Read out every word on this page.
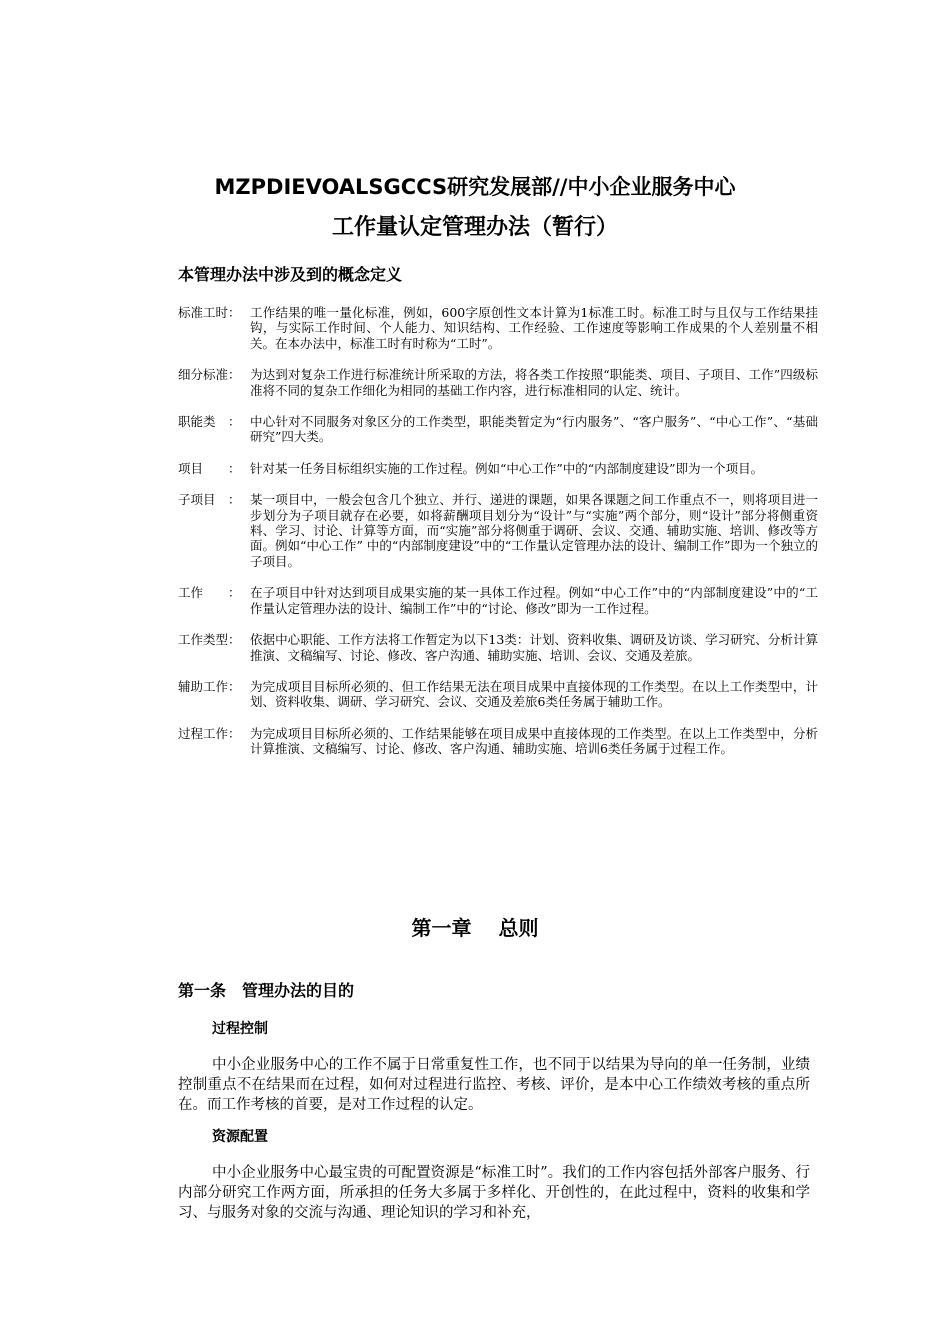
MZPDIEVOALSGCCS研究发展部//中小企业服务中心
工作量认定管理办法（暂行）
本管理办法中涉及到的概念定义
标准工时： 工作结果的唯一量化标准，例如，600字原创性文本计算为1标准工时。标准工时与且仅与工作结果挂钩，与实际工作时间、个人能力、知识结构、工作经验、工作速度等影响工作成果的个人差别量不相关。在本办法中，标准工时有时称为“工时”。
细分标准： 为达到对复杂工作进行标准统计所采取的方法，将各类工作按照“职能类、项目、子项目、工作”四级标准将不同的复杂工作细化为相同的基础工作内容，进行标准相同的认定、统计。
职能类　： 中心针对不同服务对象区分的工作类型，职能类暂定为“行内服务”、“客户服务”、“中心工作”、“基础研究”四大类。
项目　　： 针对某一任务目标组织实施的工作过程。例如“中心工作”中的“内部制度建设”即为一个项目。
子项目　： 某一项目中，一般会包含几个独立、并行、递进的课题，如果各课题之间工作重点不一，则将项目进一步划分为子项目就存在必要，如将薪酬项目划分为“设计”与“实施”两个部分，则“设计”部分将侧重资料、学习、讨论、计算等方面，而“实施”部分将侧重于调研、会议、交通、辅助实施、培训、修改等方面。例如“中心工作” 中的“内部制度建设”中的“工作量认定管理办法的设计、编制工作”即为一个独立的子项目。
工作　　： 在子项目中针对达到项目成果实施的某一具体工作过程。例如“中心工作”中的“内部制度建设”中的“工作量认定管理办法的设计、编制工作”中的“讨论、修改”即为一工作过程。
工作类型： 依据中心职能、工作方法将工作暂定为以下13类：计划、资料收集、调研及访谈、学习研究、分析计算推演、文稿编写、讨论、修改、客户沟通、辅助实施、培训、会议、交通及差旅。
辅助工作： 为完成项目目标所必须的、但工作结果无法在项目成果中直接体现的工作类型。在以上工作类型中，计划、资料收集、调研、学习研究、会议、交通及差旅6类任务属于辅助工作。
过程工作： 为完成项目目标所必须的、工作结果能够在项目成果中直接体现的工作类型。在以上工作类型中，分析计算推演、文稿编写、讨论、修改、客户沟通、辅助实施、培训6类任务属于过程工作。
第一章　 总则
第一条　管理办法的目的
过程控制
中小企业服务中心的工作不属于日常重复性工作，也不同于以结果为导向的单一任务制，业绩控制重点不在结果而在过程，如何对过程进行监控、考核、评价，是本中心工作绩效考核的重点所在。而工作考核的首要，是对工作过程的认定。
资源配置
中小企业服务中心最宝贵的可配置资源是“标准工时”。我们的工作内容包括外部客户服务、行内部分研究工作两方面，所承担的任务大多属于多样化、开创性的，在此过程中，资料的收集和学习、与服务对象的交流与沟通、理论知识的学习和补充，
